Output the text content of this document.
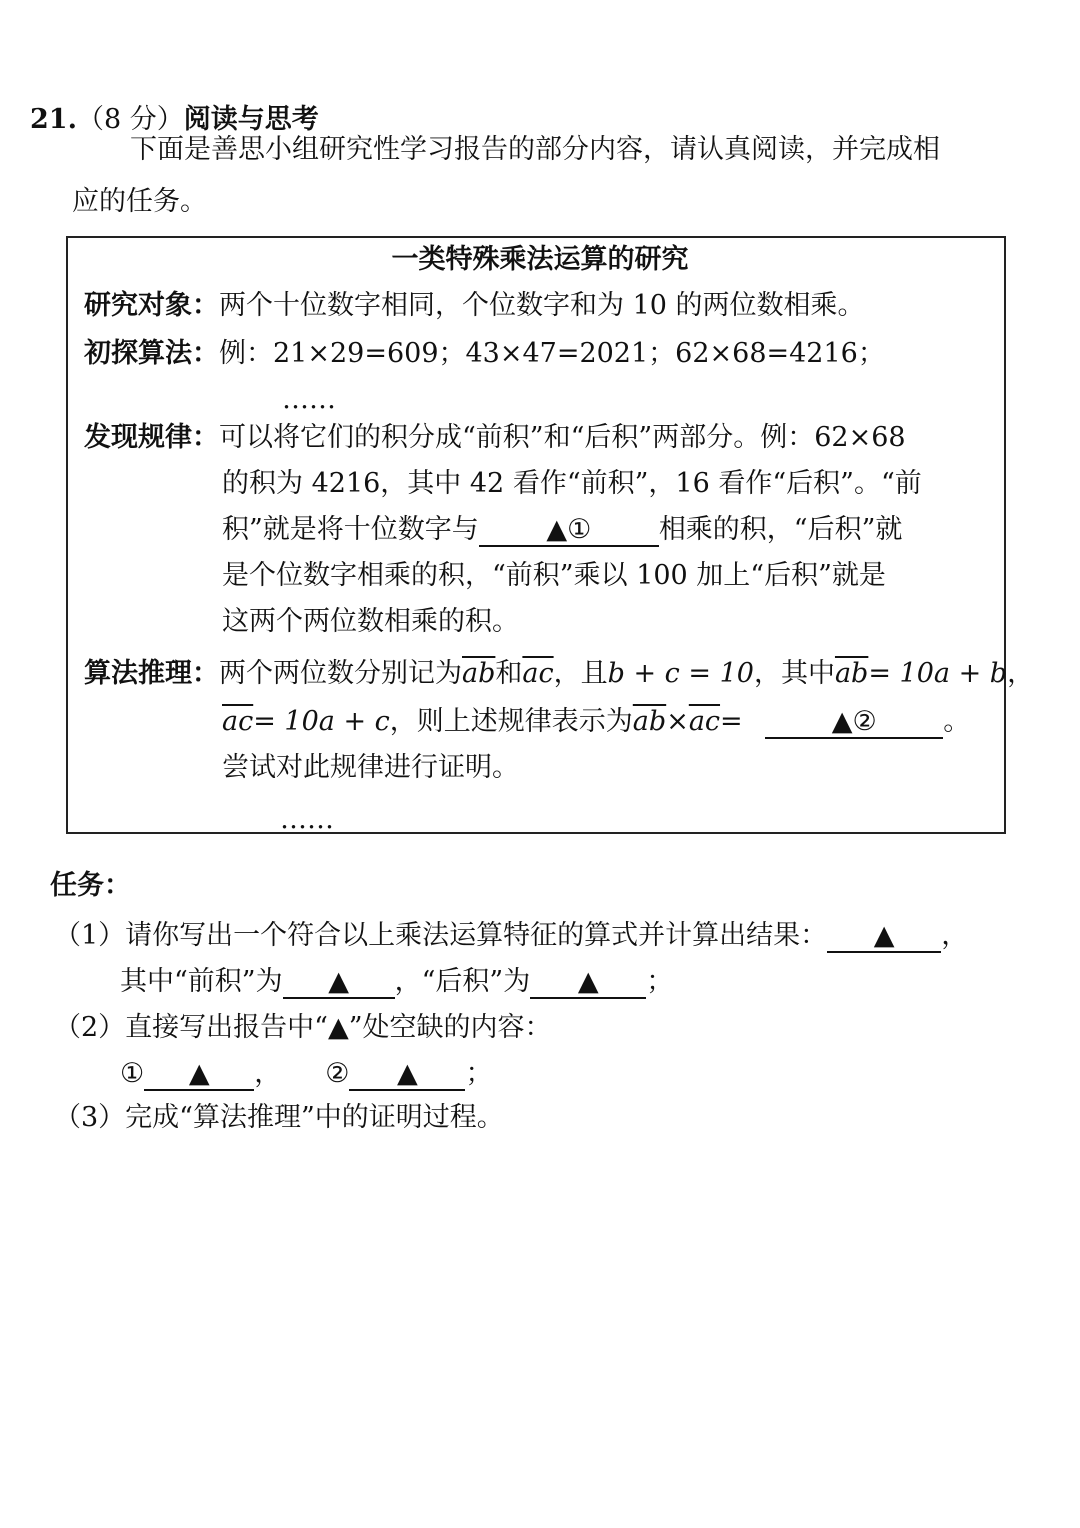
21.（8 分）阅读与思考
下面是善思小组研究性学习报告的部分内容，请认真阅读，并完成相
应的任务。
一类特殊乘法运算的研究
研究对象：两个十位数字相同，个位数字和为 10 的两位数相乘。
初探算法：例：21×29=609；43×47=2021；62×68=4216；
……
发现规律：可以将它们的积分成“前积”和“后积”两部分。例：62×68
的积为 4216，其中 42 看作“前积”，16 看作“后积”。“前
积”就是将十位数字与	▲①	相乘的积，“后积”就
是个位数字相乘的积，“前积”乘以 100 加上“后积”就是
这两个两位数相乘的积。
算法推理：两个两位数分别记为$\overline{ab}$和$\overline{ac}$，且b + c = 10，其中$\overline{ab}= 10a + b$，
$\overline{ac}= 10a + c$，则上述规律表示为$\overline{ab}\times\overline{ac}=$	▲② 。
尝试对此规律进行证明。
……
任务：
（1）请你写出一个符合以上乘法运算特征的算式并计算出结果： ▲ ，
其中“前积”为 ▲ ，“后积”为 ▲ ；
（2）直接写出报告中“▲”处空缺的内容：
① ▲ ， ② ▲ ；
（3）完成“算法推理”中的证明过程。
